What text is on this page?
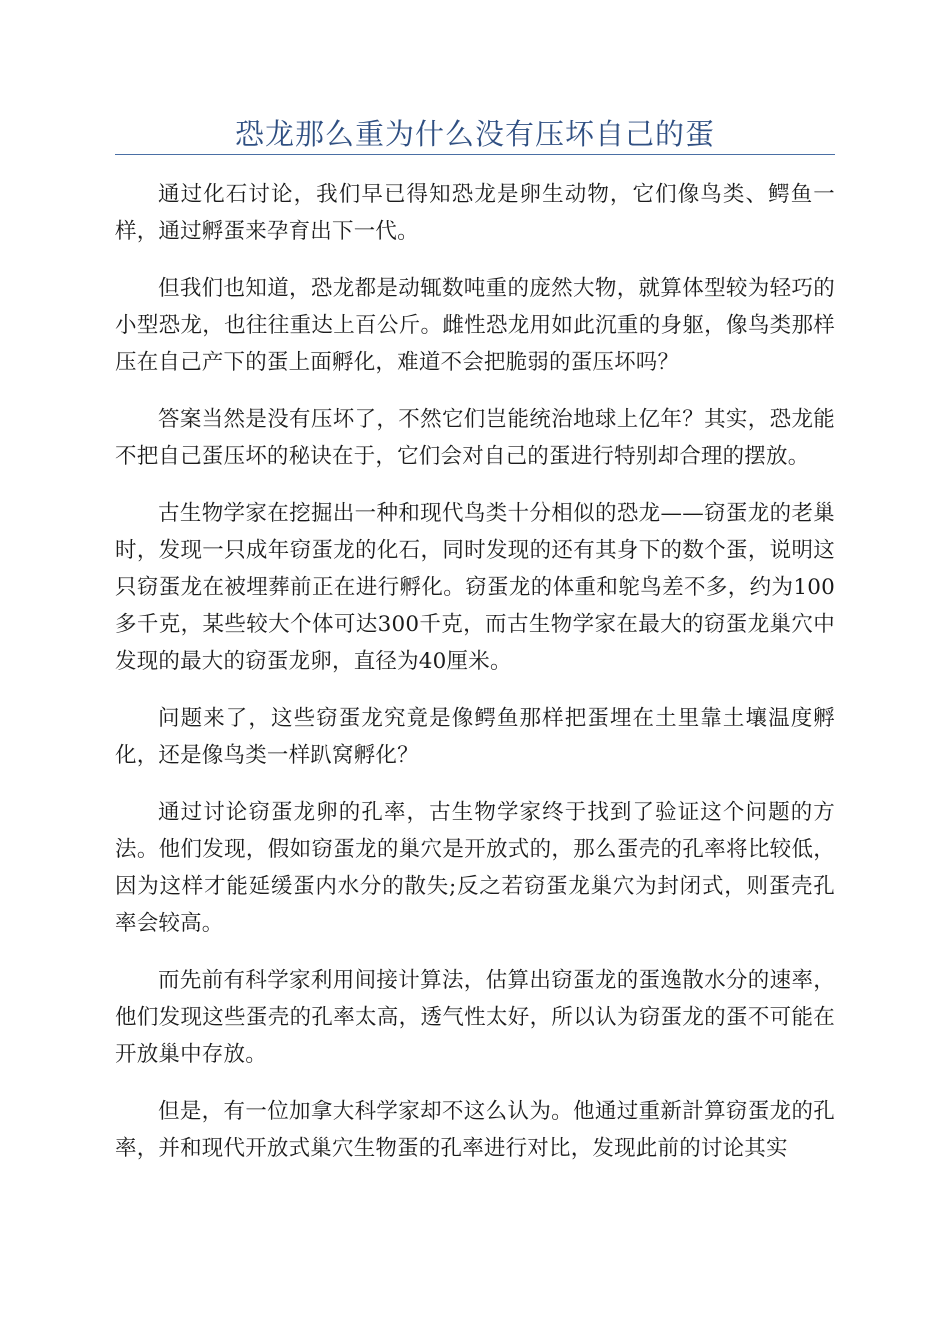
恐龙那么重为什么没有压坏自己的蛋

通过化石讨论，我们早已得知恐龙是卵生动物，它们像鸟类、鳄鱼一样，通过孵蛋来孕育出下一代。

但我们也知道，恐龙都是动辄数吨重的庞然大物，就算体型较为轻巧的小型恐龙，也往往重达上百公斤。雌性恐龙用如此沉重的身躯，像鸟类那样压在自己产下的蛋上面孵化，难道不会把脆弱的蛋压坏吗？

答案当然是没有压坏了，不然它们岂能统治地球上亿年？其实，恐龙能不把自己蛋压坏的秘诀在于，它们会对自己的蛋进行特别却合理的摆放。

古生物学家在挖掘出一种和现代鸟类十分相似的恐龙——窃蛋龙的老巢时，发现一只成年窃蛋龙的化石，同时发现的还有其身下的数个蛋，说明这只窃蛋龙在被埋葬前正在进行孵化。窃蛋龙的体重和鸵鸟差不多，约为100多千克，某些较大个体可达300千克，而古生物学家在最大的窃蛋龙巢穴中发现的最大的窃蛋龙卵，直径为40厘米。

问题来了，这些窃蛋龙究竟是像鳄鱼那样把蛋埋在土里靠土壤温度孵化，还是像鸟类一样趴窝孵化？

通过讨论窃蛋龙卵的孔率，古生物学家终于找到了验证这个问题的方法。他们发现，假如窃蛋龙的巢穴是开放式的，那么蛋壳的孔率将比较低，因为这样才能延缓蛋内水分的散失;反之若窃蛋龙巢穴为封闭式，则蛋壳孔率会较高。

而先前有科学家利用间接计算法，估算出窃蛋龙的蛋逸散水分的速率，他们发现这些蛋壳的孔率太高，透气性太好，所以认为窃蛋龙的蛋不可能在开放巢中存放。

但是，有一位加拿大科学家却不这么认为。他通过重新計算窃蛋龙的孔率，并和现代开放式巢穴生物蛋的孔率进行对比，发现此前的讨论其实
